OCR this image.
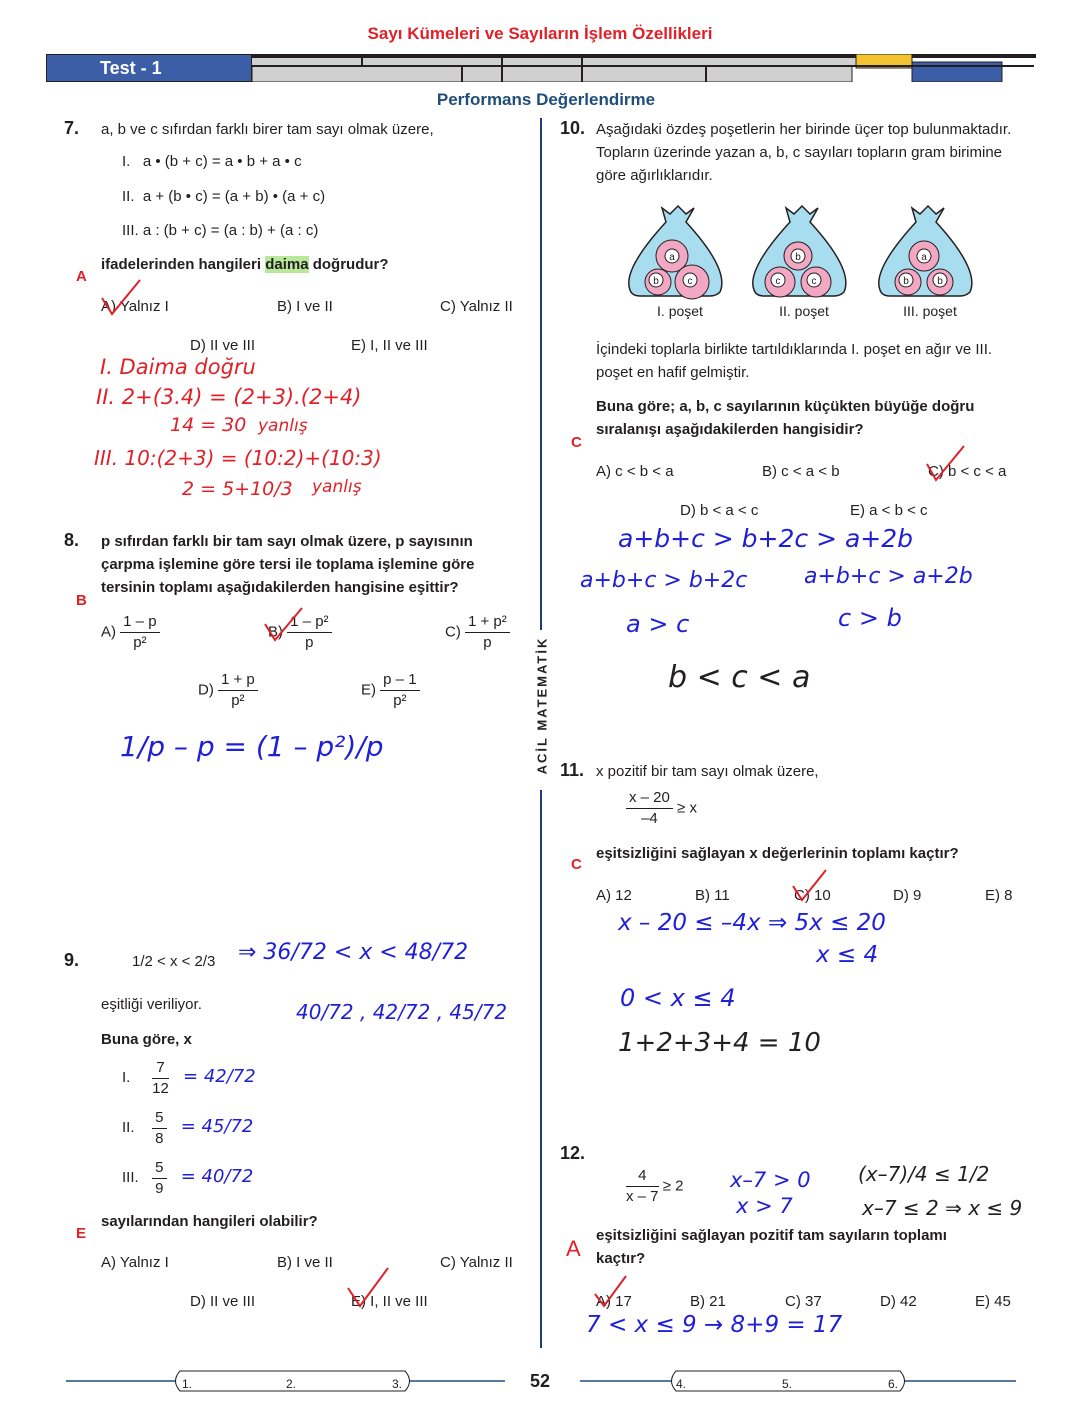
Sayı Kümeleri ve Sayıların İşlem Özellikleri
Test - 1
Performans Değerlendirme
ACİL MATEMATİK
7. a, b ve c sıfırdan farklı birer tam sayı olmak üzere,
I.   a • (b + c) = a • b + a • c
II.  a + (b • c) = (a + b) • (a + c)
III. a : (b + c) = (a : b) + (a : c)
ifadelerinden hangileri daima doğrudur?
A
A) Yalnız I	B) I ve II	C) Yalnız II
D) II ve III	E) I, II ve III
I. Daima doğru
II. 2+(3.4) = (2+3).(2+4)
14 = 30 yanlış
III. 10:(2+3) = (10:2)+(10:3)
2 = 5+10/3 yanlış
8. p sıfırdan farklı bir tam sayı olmak üzere, p sayısının çarpma işlemine göre tersi ile toplama işlemine göre tersinin toplamı aşağıdakilerden hangisine eşittir?
B
$A) \frac{1 - p}{\text{p²}}$	$B) \frac{\text{1 – p²}}{p}$	$C) \frac{\text{1 + p²}}{p}$
$D) \frac{1 + p}{\text{p²}}$	$E) \frac{p - 1}{\text{p²}}$
1/p – p = (1 – p²)/p
9.	1/2 < x < 2/3 ⇒ 36/72 < x < 48/72
eşitliği veriliyor.	40/72 , 42/72 , 45/72
Buna göre, x
I. $\frac{7}{12} = 42/72$
II. $\frac{5}{8} = 45/72$
III. $\frac{5}{9} = 40/72$
sayılarından hangileri olabilir?
E
A) Yalnız I	B) I ve II	C) Yalnız II
D) II ve III	E) I, II ve III
10. Aşağıdaki özdeş poşetlerin her birinde üçer top bulunmaktadır. Topların üzerinde yazan a, b, c sayıları topların gram birimine göre ağırlıklarıdır.
a
b	c
b
c	c
a
b	b
I. poşet	II. poşet	III. poşet
İçindeki toplarla birlikte tartıldıklarında I. poşet en ağır ve III. poşet en hafif gelmiştir.
Buna göre; a, b, c sayılarının küçükten büyüğe doğru sıralanışı aşağıdakilerden hangisidir?
C
A) c < b < a	B) c < a < b	C) b < c < a
D) b < a < c	E) a < b < c
a+b+c > b+2c > a+2b
a+b+c > b+2c	a+b+c > a+2b
a > c	c > b
b < c < a
11. x pozitif bir tam sayı olmak üzere,
$\frac{x - 20}{-4} \ge x$
eşitsizliğini sağlayan x değerlerinin toplamı kaçtır?
C
A) 12	B) 11	C) 10	D) 9	E) 8
x – 20 ≤ –4x ⇒ 5x ≤ 20
x ≤ 4
0 < x ≤ 4
1+2+3+4 = 10
12.
$\frac{4}{x - 7} \ge 2$ x–7 > 0
x > 7
(x–7)/4 ≤ 1/2
x–7 ≤ 2 ⇒ x ≤ 9
eşitsizliğini sağlayan pozitif tam sayıların toplamı kaçtır?
A
A) 17	B) 21	C) 37	D) 42	E) 45
7 < x ≤ 9 → 8+9 = 17
1.	2.	3.	52	4.	5.	6.
